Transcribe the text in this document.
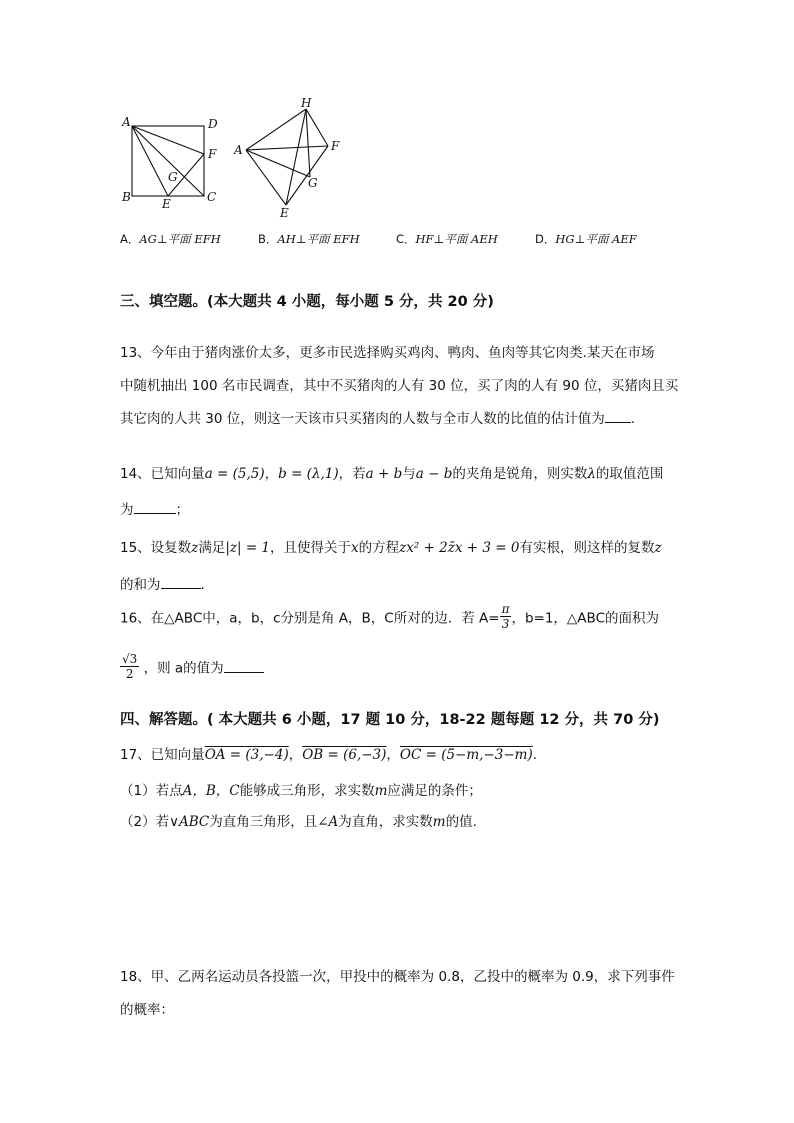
A	D
F
G
B	E	C
H
A	F
G
E
A．AG⊥平面 EFH	B．AH⊥平面 EFH	C．HF⊥平面 AEH	D．HG⊥平面 AEF
三、填空题。(本大题共 4 小题，每小题 5 分，共 20 分)
13、今年由于猪肉涨价太多，更多市民选择购买鸡肉、鸭肉、鱼肉等其它肉类.某天在市场
中随机抽出 100 名市民调查，其中不买猪肉的人有 30 位，买了肉的人有 90 位，买猪肉且买
其它肉的人共 30 位，则这一天该市只买猪肉的人数与全市人数的比值的估计值为 .
14、已知向量a = (5,5)，b = (λ,1)，若a + b与a − b的夹角是锐角，则实数λ的取值范围
为	；
15、设复数z满足|z| = 1，且使得关于x的方程zx² + 2z̄x + 3 = 0有实根，则这样的复数z
的和为	.
16、在△ABC中，a，b，c分别是角 A，B，C所对的边．若 $A= \frac{\pi}{3}$ ，b=1，△ABC的面积为
$\frac{√3}{2}$ ，则 a的值为
四、解答题。( 本大题共 6 小题，17 题 10 分，18-22 题每题 12 分，共 70 分)
17、已知向量OA = (3,−4)，OB = (6,−3)，OC = (5−m,−3−m).
（1）若点A，B，C能够成三角形，求实数m应满足的条件；
（2）若∨ABC为直角三角形，且∠A为直角，求实数m的值.
18、甲、乙两名运动员各投篮一次，甲投中的概率为 0.8，乙投中的概率为 0.9，求下列事件
的概率：
